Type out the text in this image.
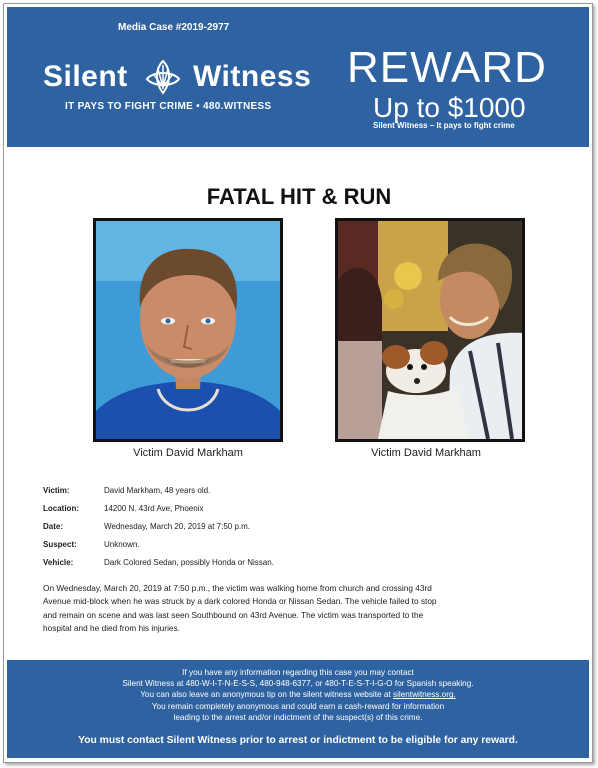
Media Case #2019-2977
Silent Witness
IT PAYS TO FIGHT CRIME • 480.WITNESS
REWARD
Up to $1000
Silent Witness – It pays to fight crime
FATAL HIT & RUN
Victim David Markham	Victim David Markham
Victim:	David Markham, 48 years old.
Location:	14200 N. 43rd Ave, Phoenix
Date:	Wednesday, March 20, 2019 at 7:50 p.m.
Suspect:	Unknown.
Vehicle:	Dark Colored Sedan, possibly Honda or Nissan.
On Wednesday, March 20, 2019 at 7:50 p.m., the victim was walking home from church and crossing 43rd
Avenue mid-block when he was struck by a dark colored Honda or Nissan Sedan. The vehicle failed to stop
and remain on scene and was last seen Southbound on 43rd Avenue. The victim was transported to the
hospital and he died from his injuries.
If you have any information regarding this case you may contact
Silent Witness at 480-W-I-T-N-E-S-S, 480-948-6377, or 480-T-E-S-T-I-G-O for Spanish speaking.
You can also leave an anonymous tip on the silent witness website at silentwitness.org.
You remain completely anonymous and could earn a cash-reward for information
leading to the arrest and/or indictment of the suspect(s) of this crime.
You must contact Silent Witness prior to arrest or indictment to be eligible for any reward.
